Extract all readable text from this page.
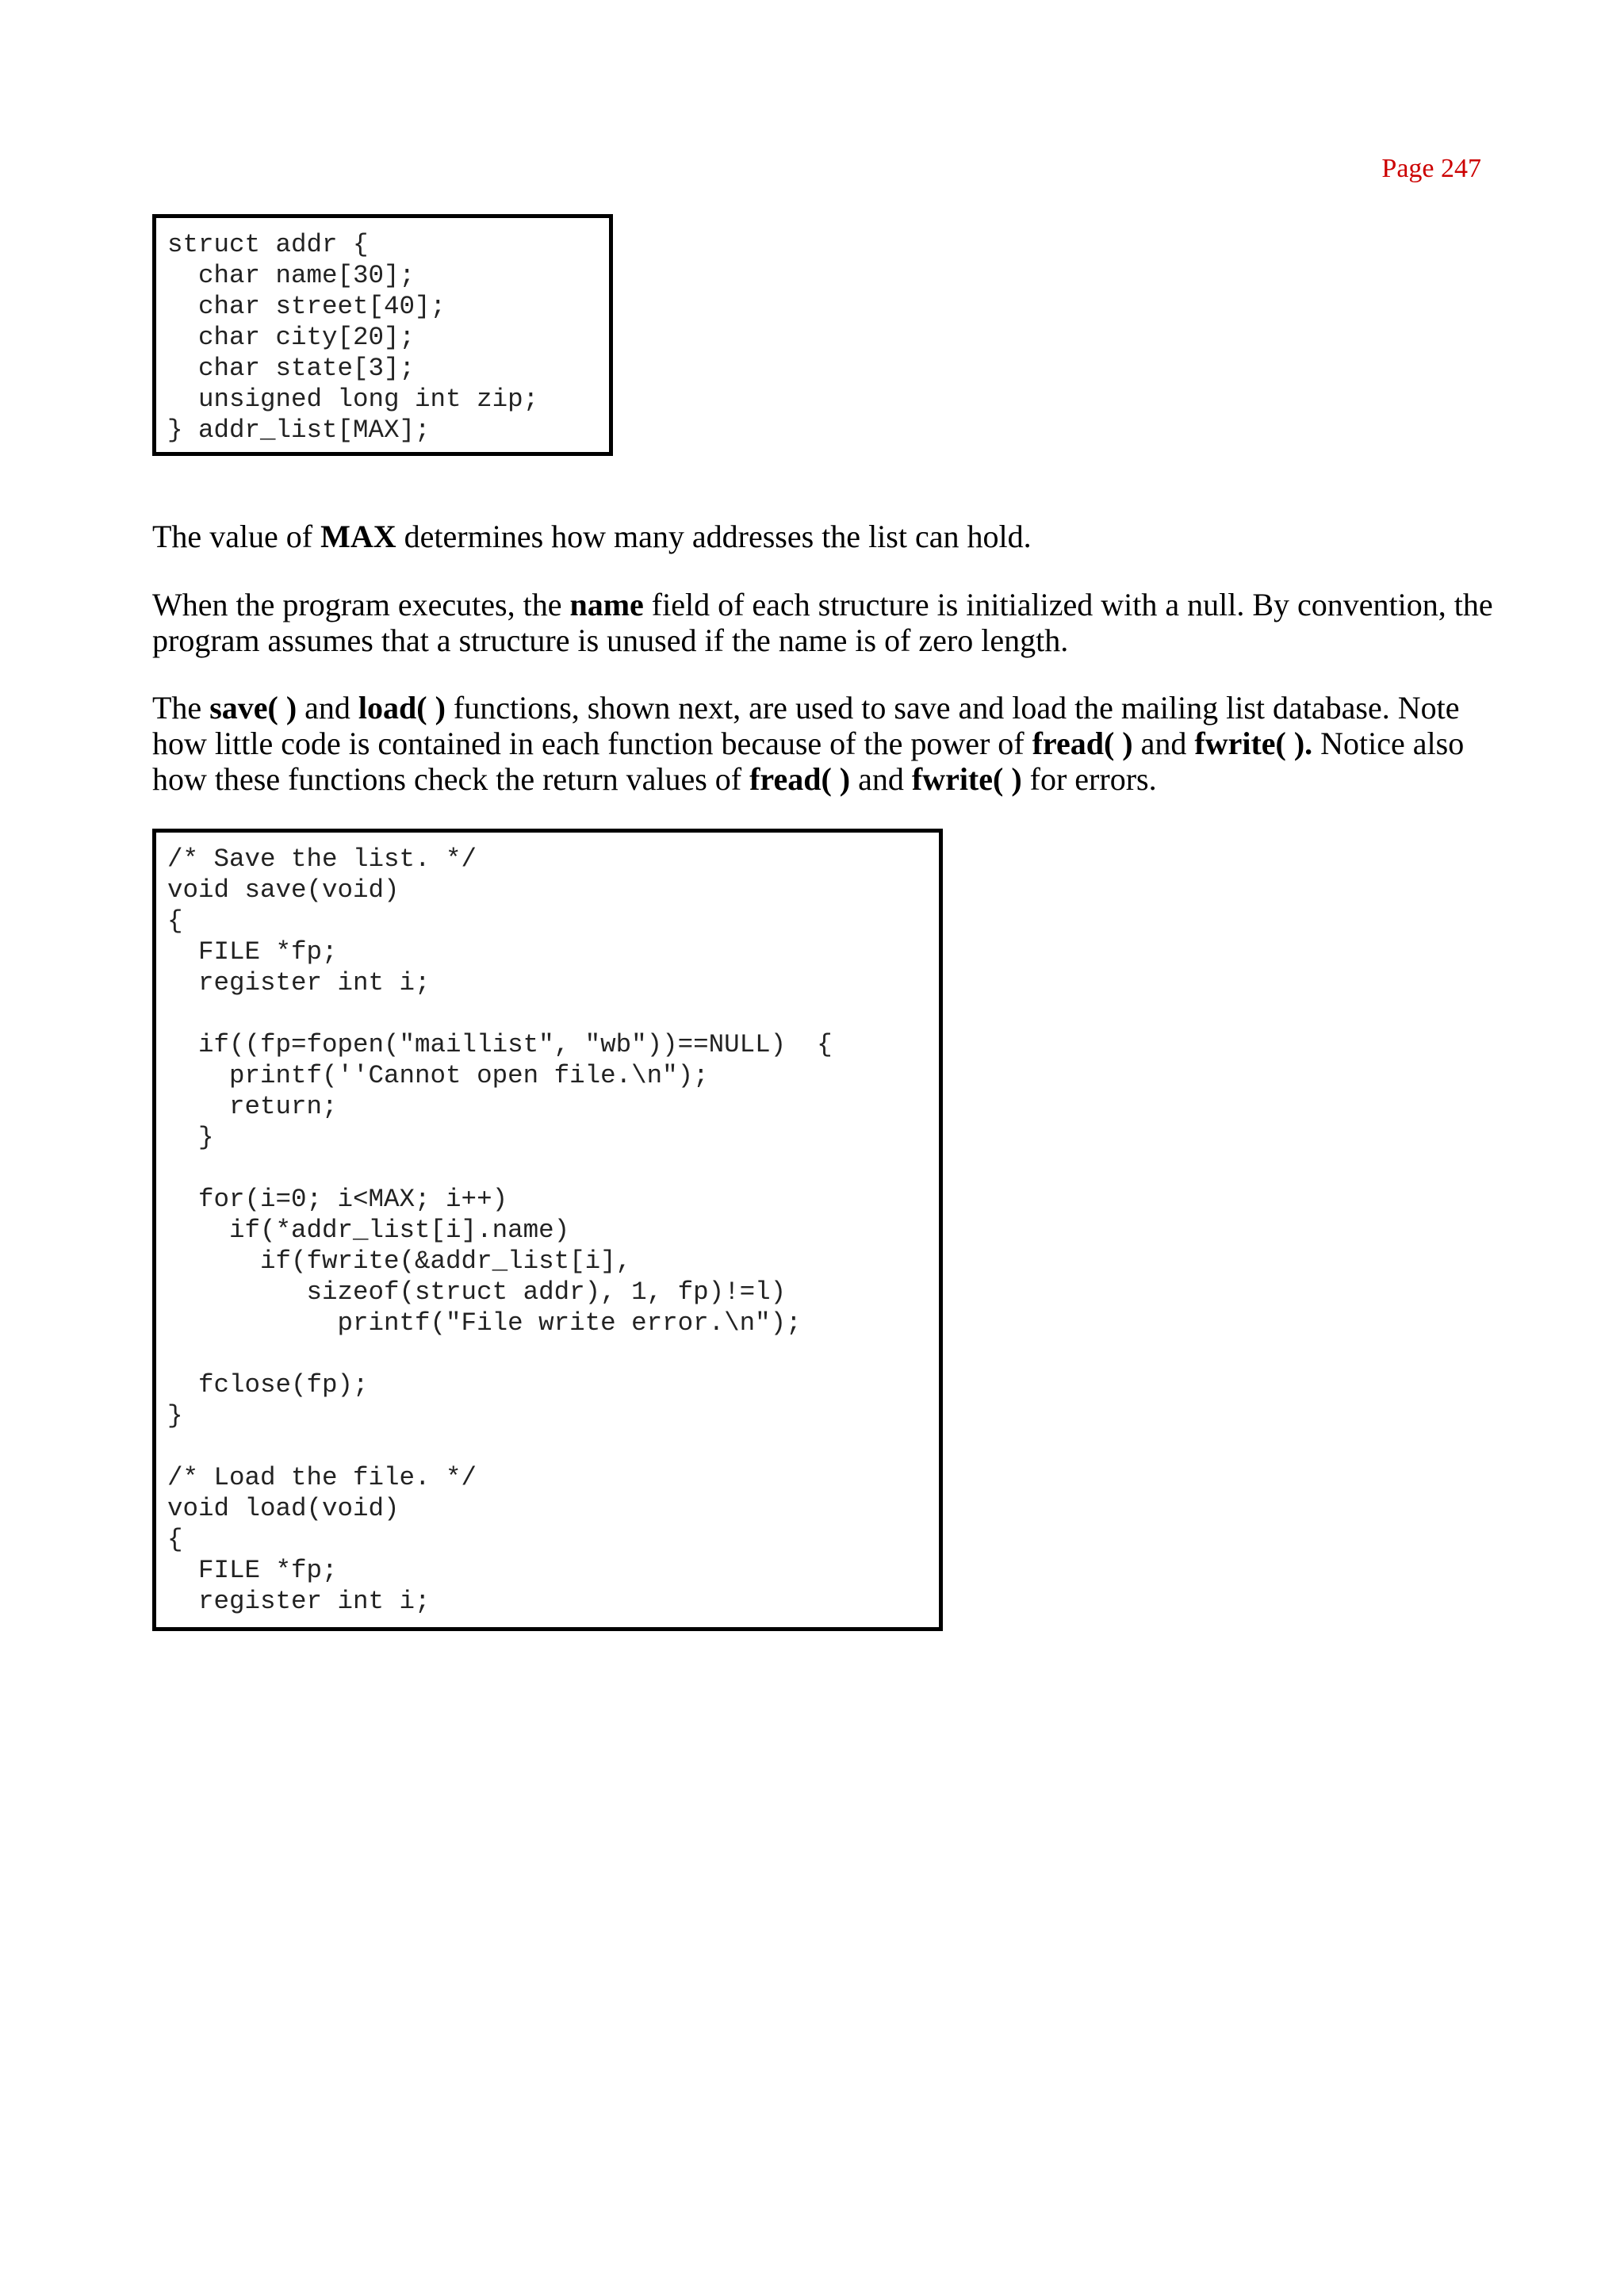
Page 247
struct addr {
char name[30];
char street[40];
char city[20];
char state[3];
unsigned long int zip;
} addr_list[MAX];

The value of MAX determines how many addresses the list can hold.

When the program executes, the name field of each structure is initialized with a null. By convention, the program assumes that a structure is unused if the name is of zero length.

The save( ) and load( ) functions, shown next, are used to save and load the mailing list database. Note how little code is contained in each function because of the power of fread( ) and fwrite( ). Notice also how these functions check the return values of fread( ) and fwrite( ) for errors.

/* Save the list. */
void save(void)
{
FILE *fp;
register int i;

if((fp=fopen("maillist", "wb"))==NULL)  {
printf(''Cannot open file.\n");
return;
}

for(i=0; i<MAX; i++)
if(*addr_list[i].name)
if(fwrite(&addr_list[i],
sizeof(struct addr), 1, fp)!=l)
printf("File write error.\n");

fclose(fp);
}

/* Load the file. */
void load(void)
{
FILE *fp;
register int i;
